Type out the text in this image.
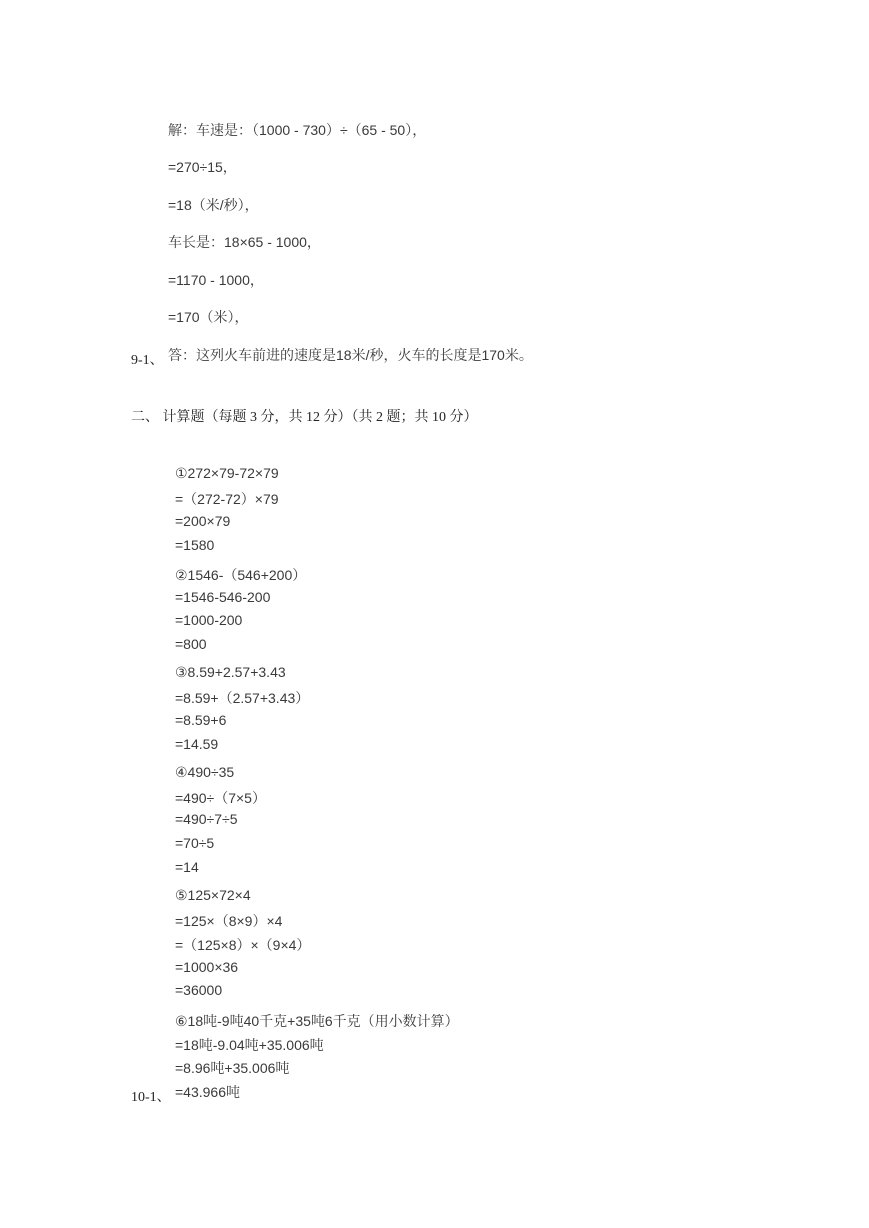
解：车速是：（1000 - 730）÷（65 - 50），
=270÷15，
=18（米/秒），
车长是：18×65 - 1000，
=1170 - 1000，
=170（米），
9-1、 答：这列火车前进的速度是18米/秒，火车的长度是170米。
二、 计算题（每题 3 分，共 12 分）（共 2 题；共 10 分）
①272×79-72×79
=（272-72）×79
=200×79
=1580
②1546-（546+200）
=1546-546-200
=1000-200
=800
③8.59+2.57+3.43
=8.59+（2.57+3.43）
=8.59+6
=14.59
④490÷35
=490÷（7×5）
=490÷7÷5
=70÷5
=14
⑤125×72×4
=125×（8×9）×4
=（125×8）×（9×4）
=1000×36
=36000
⑥18吨-9吨40千克+35吨6千克（用小数计算）
=18吨-9.04吨+35.006吨
=8.96吨+35.006吨
=43.966吨
10-1、
